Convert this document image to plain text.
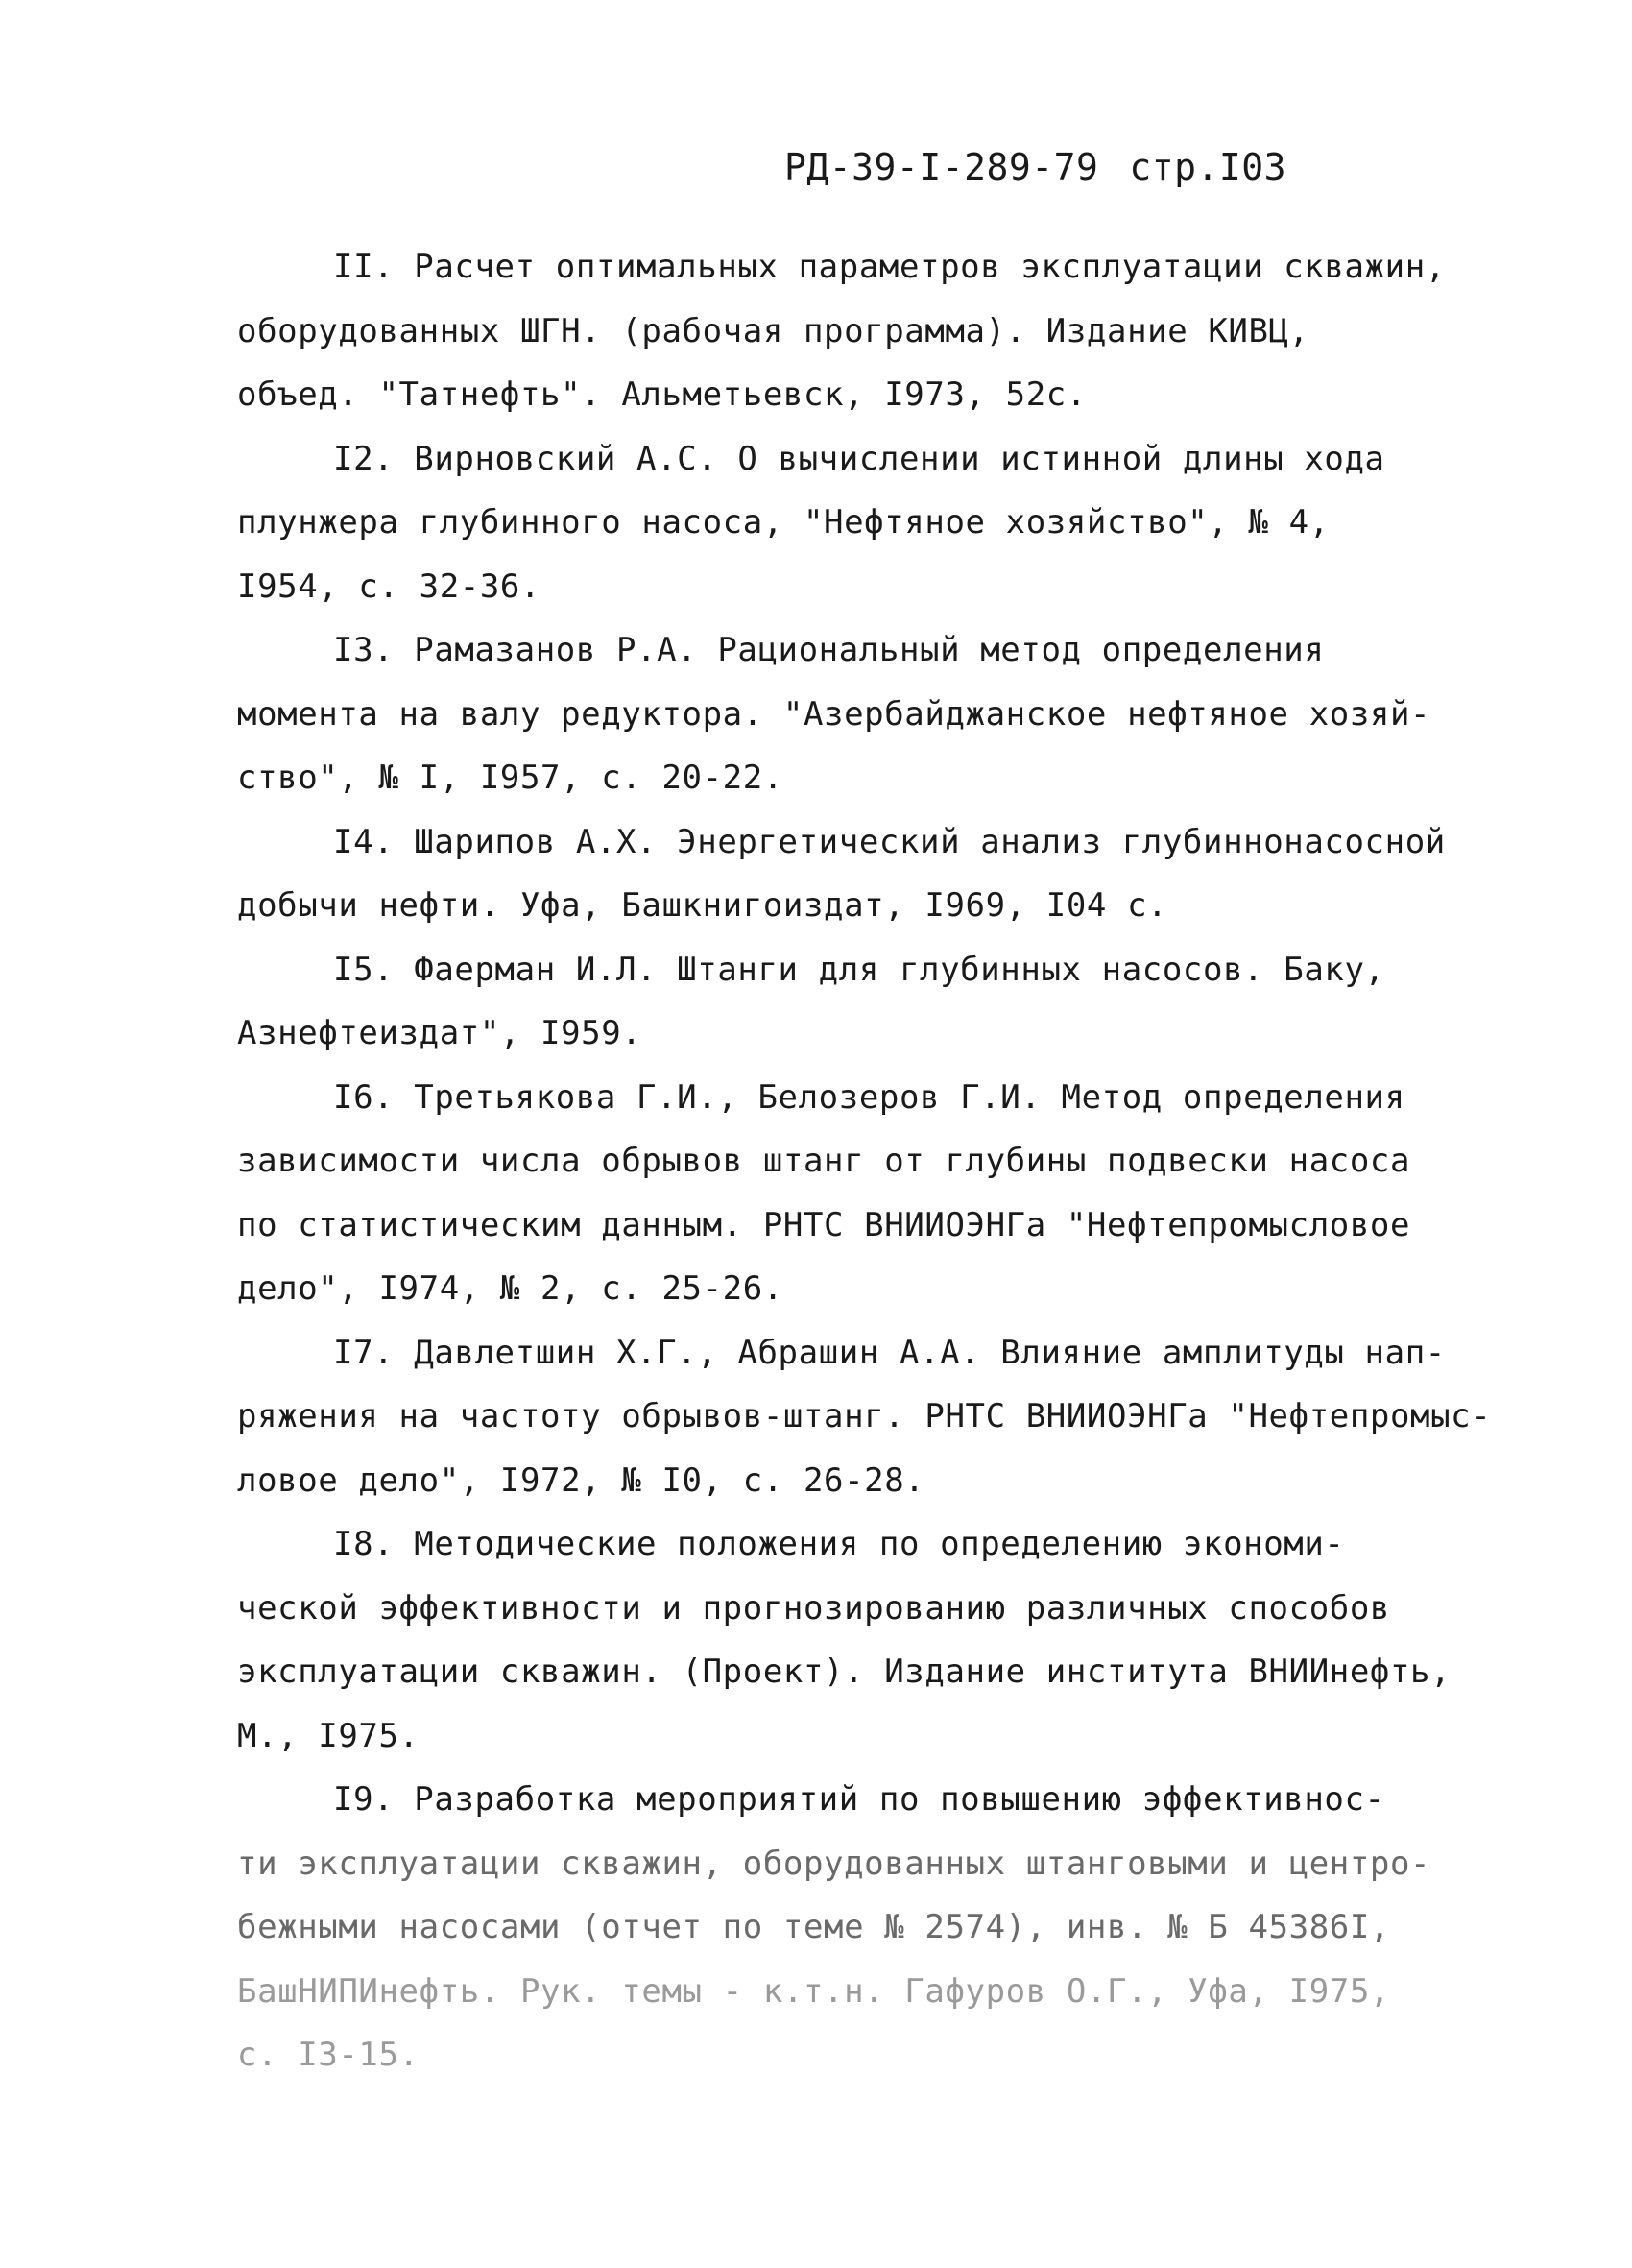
РД-39-I-289-79 стр.I03
II. Расчет оптимальных параметров эксплуатации скважин,
оборудованных ШГН. (рабочая программа). Издание КИВЦ,
объед. "Татнефть". Альметьевск, I973, 52с.
I2. Вирновский А.С. О вычислении истинной длины хода
плунжера глубинного насоса, "Нефтяное хозяйство", № 4,
I954, с. 32-36.
I3. Рамазанов Р.А. Рациональный метод определения
момента на валу редуктора. "Азербайджанское нефтяное хозяй-
ство", № I, I957, с. 20-22.
I4. Шарипов А.Х. Энергетический анализ глубиннонасосной
добычи нефти. Уфа, Башкнигоиздат, I969, I04 с.
I5. Фаерман И.Л. Штанги для глубинных насосов. Баку,
Азнефтеиздат", I959.
I6. Третьякова Г.И., Белозеров Г.И. Метод определения
зависимости числа обрывов штанг от глубины подвески насоса
по статистическим данным. РНТС ВНИИОЭНГа "Нефтепромысловое
дело", I974, № 2, с. 25-26.
I7. Давлетшин Х.Г., Абрашин А.А. Влияние амплитуды нап-
ряжения на частоту обрывов-штанг. РНТС ВНИИОЭНГа "Нефтепромыс-
ловое дело", I972, № I0, с. 26-28.
I8. Методические положения по определению экономи-
ческой эффективности и прогнозированию различных способов
эксплуатации скважин. (Проект). Издание института ВНИИнефть,
М., I975.
I9. Разработка мероприятий по повышению эффективнос-
ти эксплуатации скважин, оборудованных штанговыми и центро-
бежными насосами (отчет по теме № 2574), инв. № Б 45386I,
БашНИПИнефть. Рук. темы - к.т.н. Гафуров О.Г., Уфа, I975,
с. I3-15.
